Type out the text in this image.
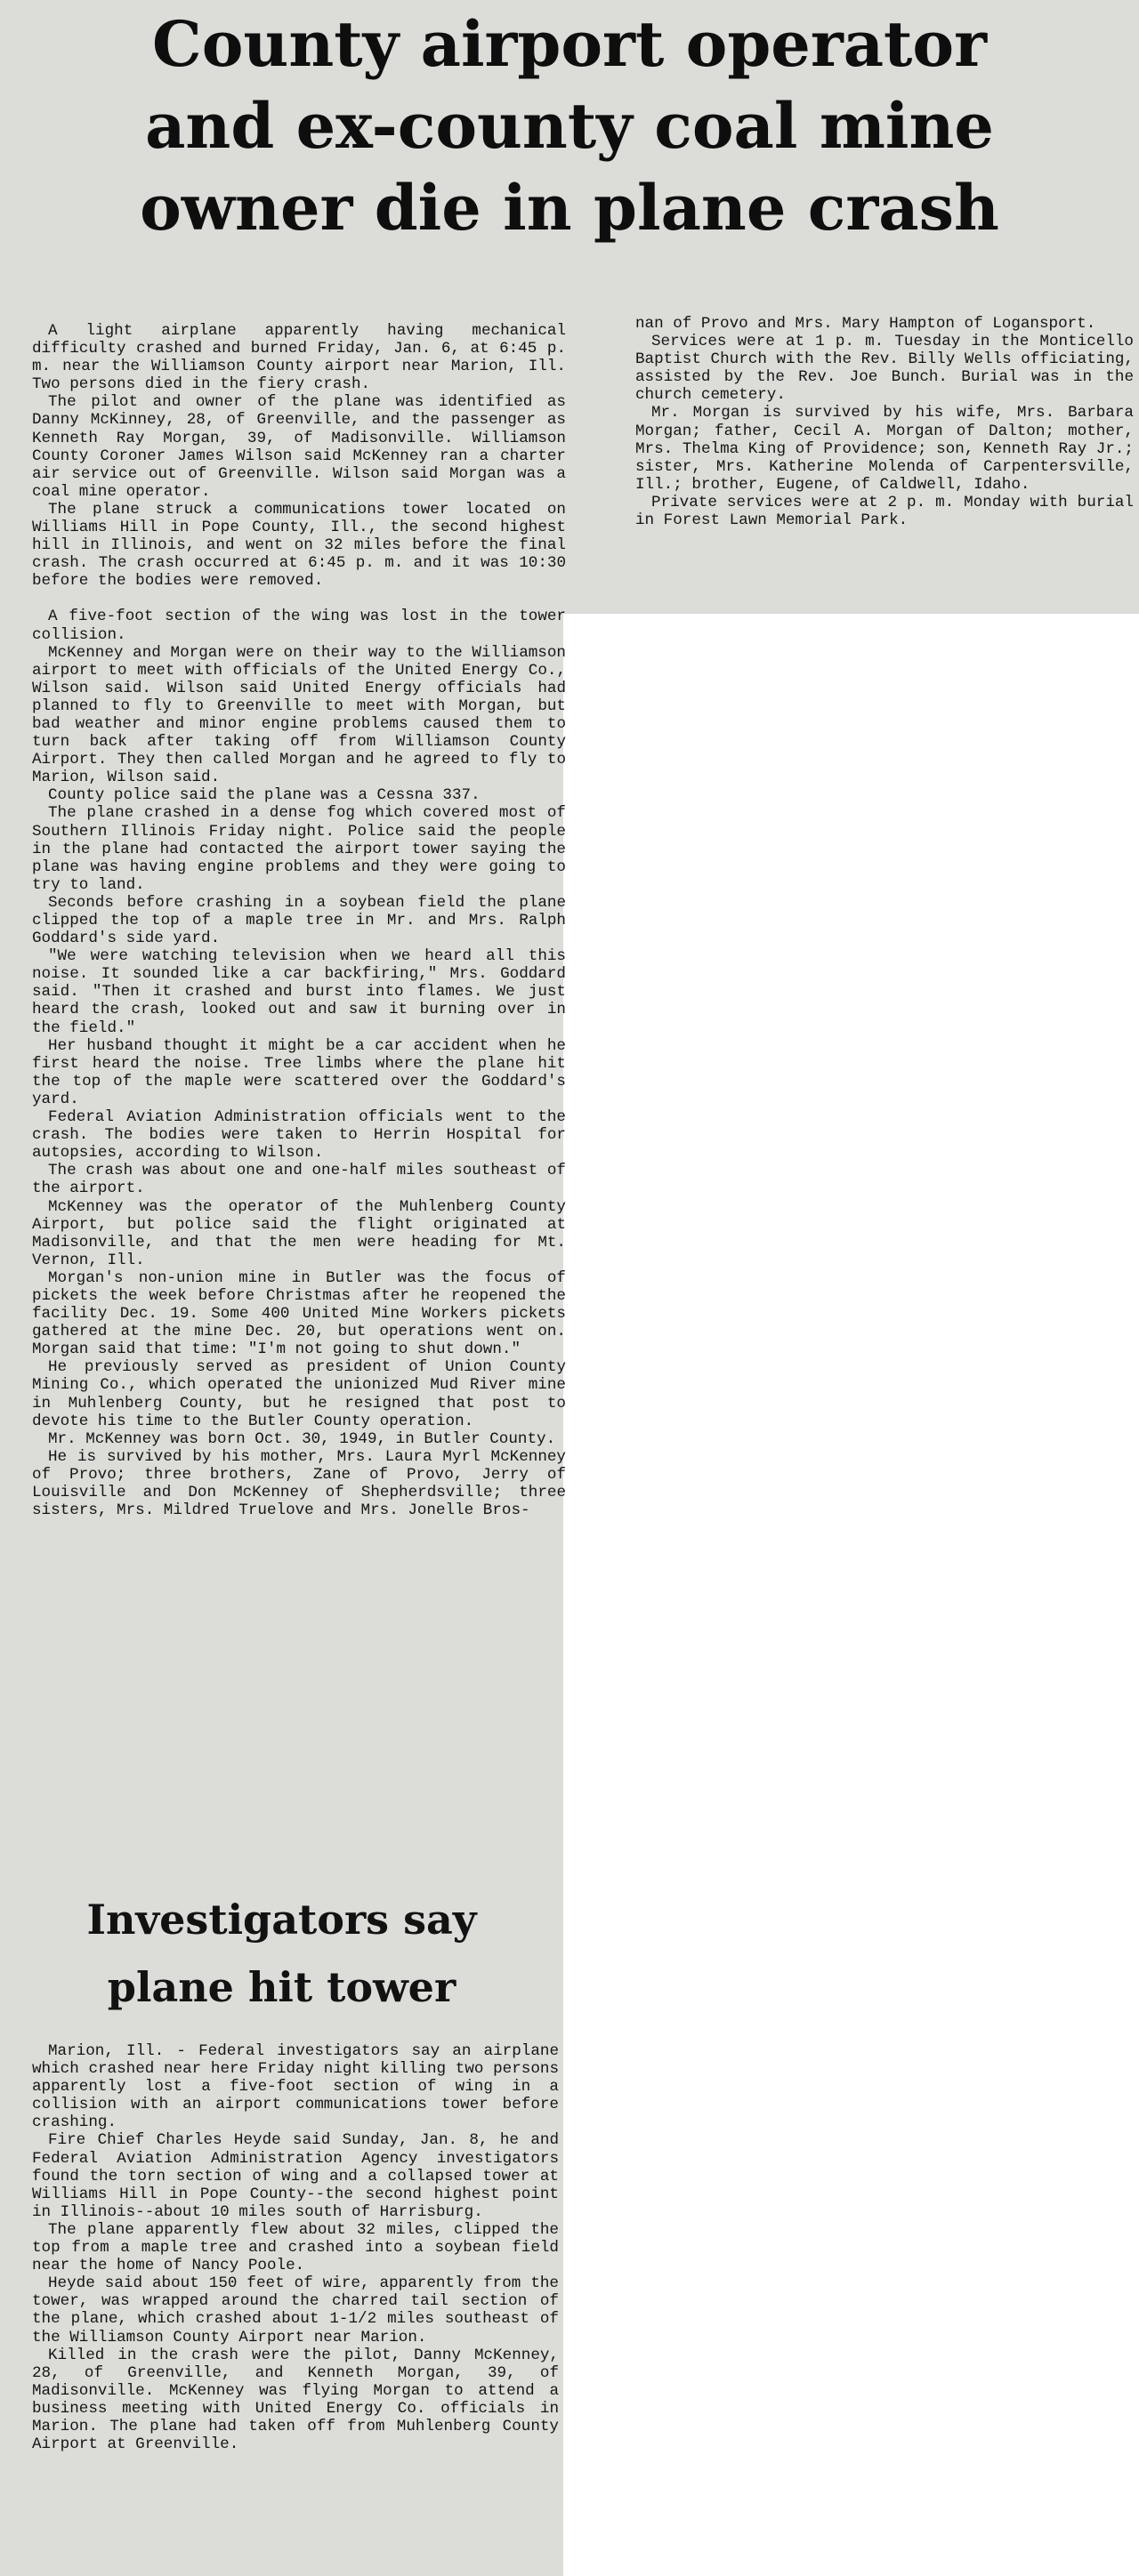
County airport operator
and ex-county coal mine
owner die in plane crash

A light airplane apparently having mechanical difficulty crashed and burned Friday, Jan. 6, at 6:45 p. m. near the Williamson County airport near Marion, Ill. Two persons died in the fiery crash.

The pilot and owner of the plane was identified as Danny McKinney, 28, of Greenville, and the passenger as Kenneth Ray Morgan, 39, of Madisonville. Williamson County Coroner James Wilson said McKenney ran a charter air service out of Greenville. Wilson said Morgan was a coal mine operator.

The plane struck a communications tower located on Williams Hill in Pope County, Ill., the second highest hill in Illinois, and went on 32 miles before the final crash. The crash occurred at 6:45 p. m. and it was 10:30 before the bodies were removed.

A five-foot section of the wing was lost in the tower collision.

McKenney and Morgan were on their way to the Williamson airport to meet with officials of the United Energy Co., Wilson said. Wilson said United Energy officials had planned to fly to Greenville to meet with Morgan, but bad weather and minor engine problems caused them to turn back after taking off from Williamson County Airport. They then called Morgan and he agreed to fly to Marion, Wilson said.

County police said the plane was a Cessna 337.

The plane crashed in a dense fog which covered most of Southern Illinois Friday night. Police said the people in the plane had contacted the airport tower saying the plane was having engine problems and they were going to try to land.

Seconds before crashing in a soybean field the plane clipped the top of a maple tree in Mr. and Mrs. Ralph Goddard's side yard.

"We were watching television when we heard all this noise. It sounded like a car backfiring," Mrs. Goddard said. "Then it crashed and burst into flames. We just heard the crash, looked out and saw it burning over in the field."

Her husband thought it might be a car accident when he first heard the noise. Tree limbs where the plane hit the top of the maple were scattered over the Goddard's yard.

Federal Aviation Administration officials went to the crash. The bodies were taken to Herrin Hospital for autopsies, according to Wilson.

The crash was about one and one-half miles southeast of the airport.

McKenney was the operator of the Muhlenberg County Airport, but police said the flight originated at Madisonville, and that the men were heading for Mt. Vernon, Ill.

Morgan's non-union mine in Butler was the focus of pickets the week before Christmas after he reopened the facility Dec. 19. Some 400 United Mine Workers pickets gathered at the mine Dec. 20, but operations went on. Morgan said that time: "I'm not going to shut down."

He previously served as president of Union County Mining Co., which operated the unionized Mud River mine in Muhlenberg County, but he resigned that post to devote his time to the Butler County operation.

Mr. McKenney was born Oct. 30, 1949, in Butler County.

He is survived by his mother, Mrs. Laura Myrl McKenney of Provo; three brothers, Zane of Provo, Jerry of Louisville and Don McKenney of Shepherdsville; three sisters, Mrs. Mildred Truelove and Mrs. Jonelle Bros-

nan of Provo and Mrs. Mary Hampton of Logansport.

Services were at 1 p. m. Tuesday in the Monticello Baptist Church with the Rev. Billy Wells officiating, assisted by the Rev. Joe Bunch. Burial was in the church cemetery.

Mr. Morgan is survived by his wife, Mrs. Barbara Morgan; father, Cecil A. Morgan of Dalton; mother, Mrs. Thelma King of Providence; son, Kenneth Ray Jr.; sister, Mrs. Katherine Molenda of Carpentersville, Ill.; brother, Eugene, of Caldwell, Idaho.

Private services were at 2 p. m. Monday with burial in Forest Lawn Memorial Park.

Investigators say
plane hit tower

Marion, Ill. - Federal investigators say an airplane which crashed near here Friday night killing two persons apparently lost a five-foot section of wing in a collision with an airport communications tower before crashing.

Fire Chief Charles Heyde said Sunday, Jan. 8, he and Federal Aviation Administration Agency investigators found the torn section of wing and a collapsed tower at Williams Hill in Pope County--the second highest point in Illinois--about 10 miles south of Harrisburg.

The plane apparently flew about 32 miles, clipped the top from a maple tree and crashed into a soybean field near the home of Nancy Poole.

Heyde said about 150 feet of wire, apparently from the tower, was wrapped around the charred tail section of the plane, which crashed about 1-1/2 miles southeast of the Williamson County Airport near Marion.

Killed in the crash were the pilot, Danny McKenney, 28, of Greenville, and Kenneth Morgan, 39, of Madisonville. McKenney was flying Morgan to attend a business meeting with United Energy Co. officials in Marion. The plane had taken off from Muhlenberg County Airport at Greenville.
